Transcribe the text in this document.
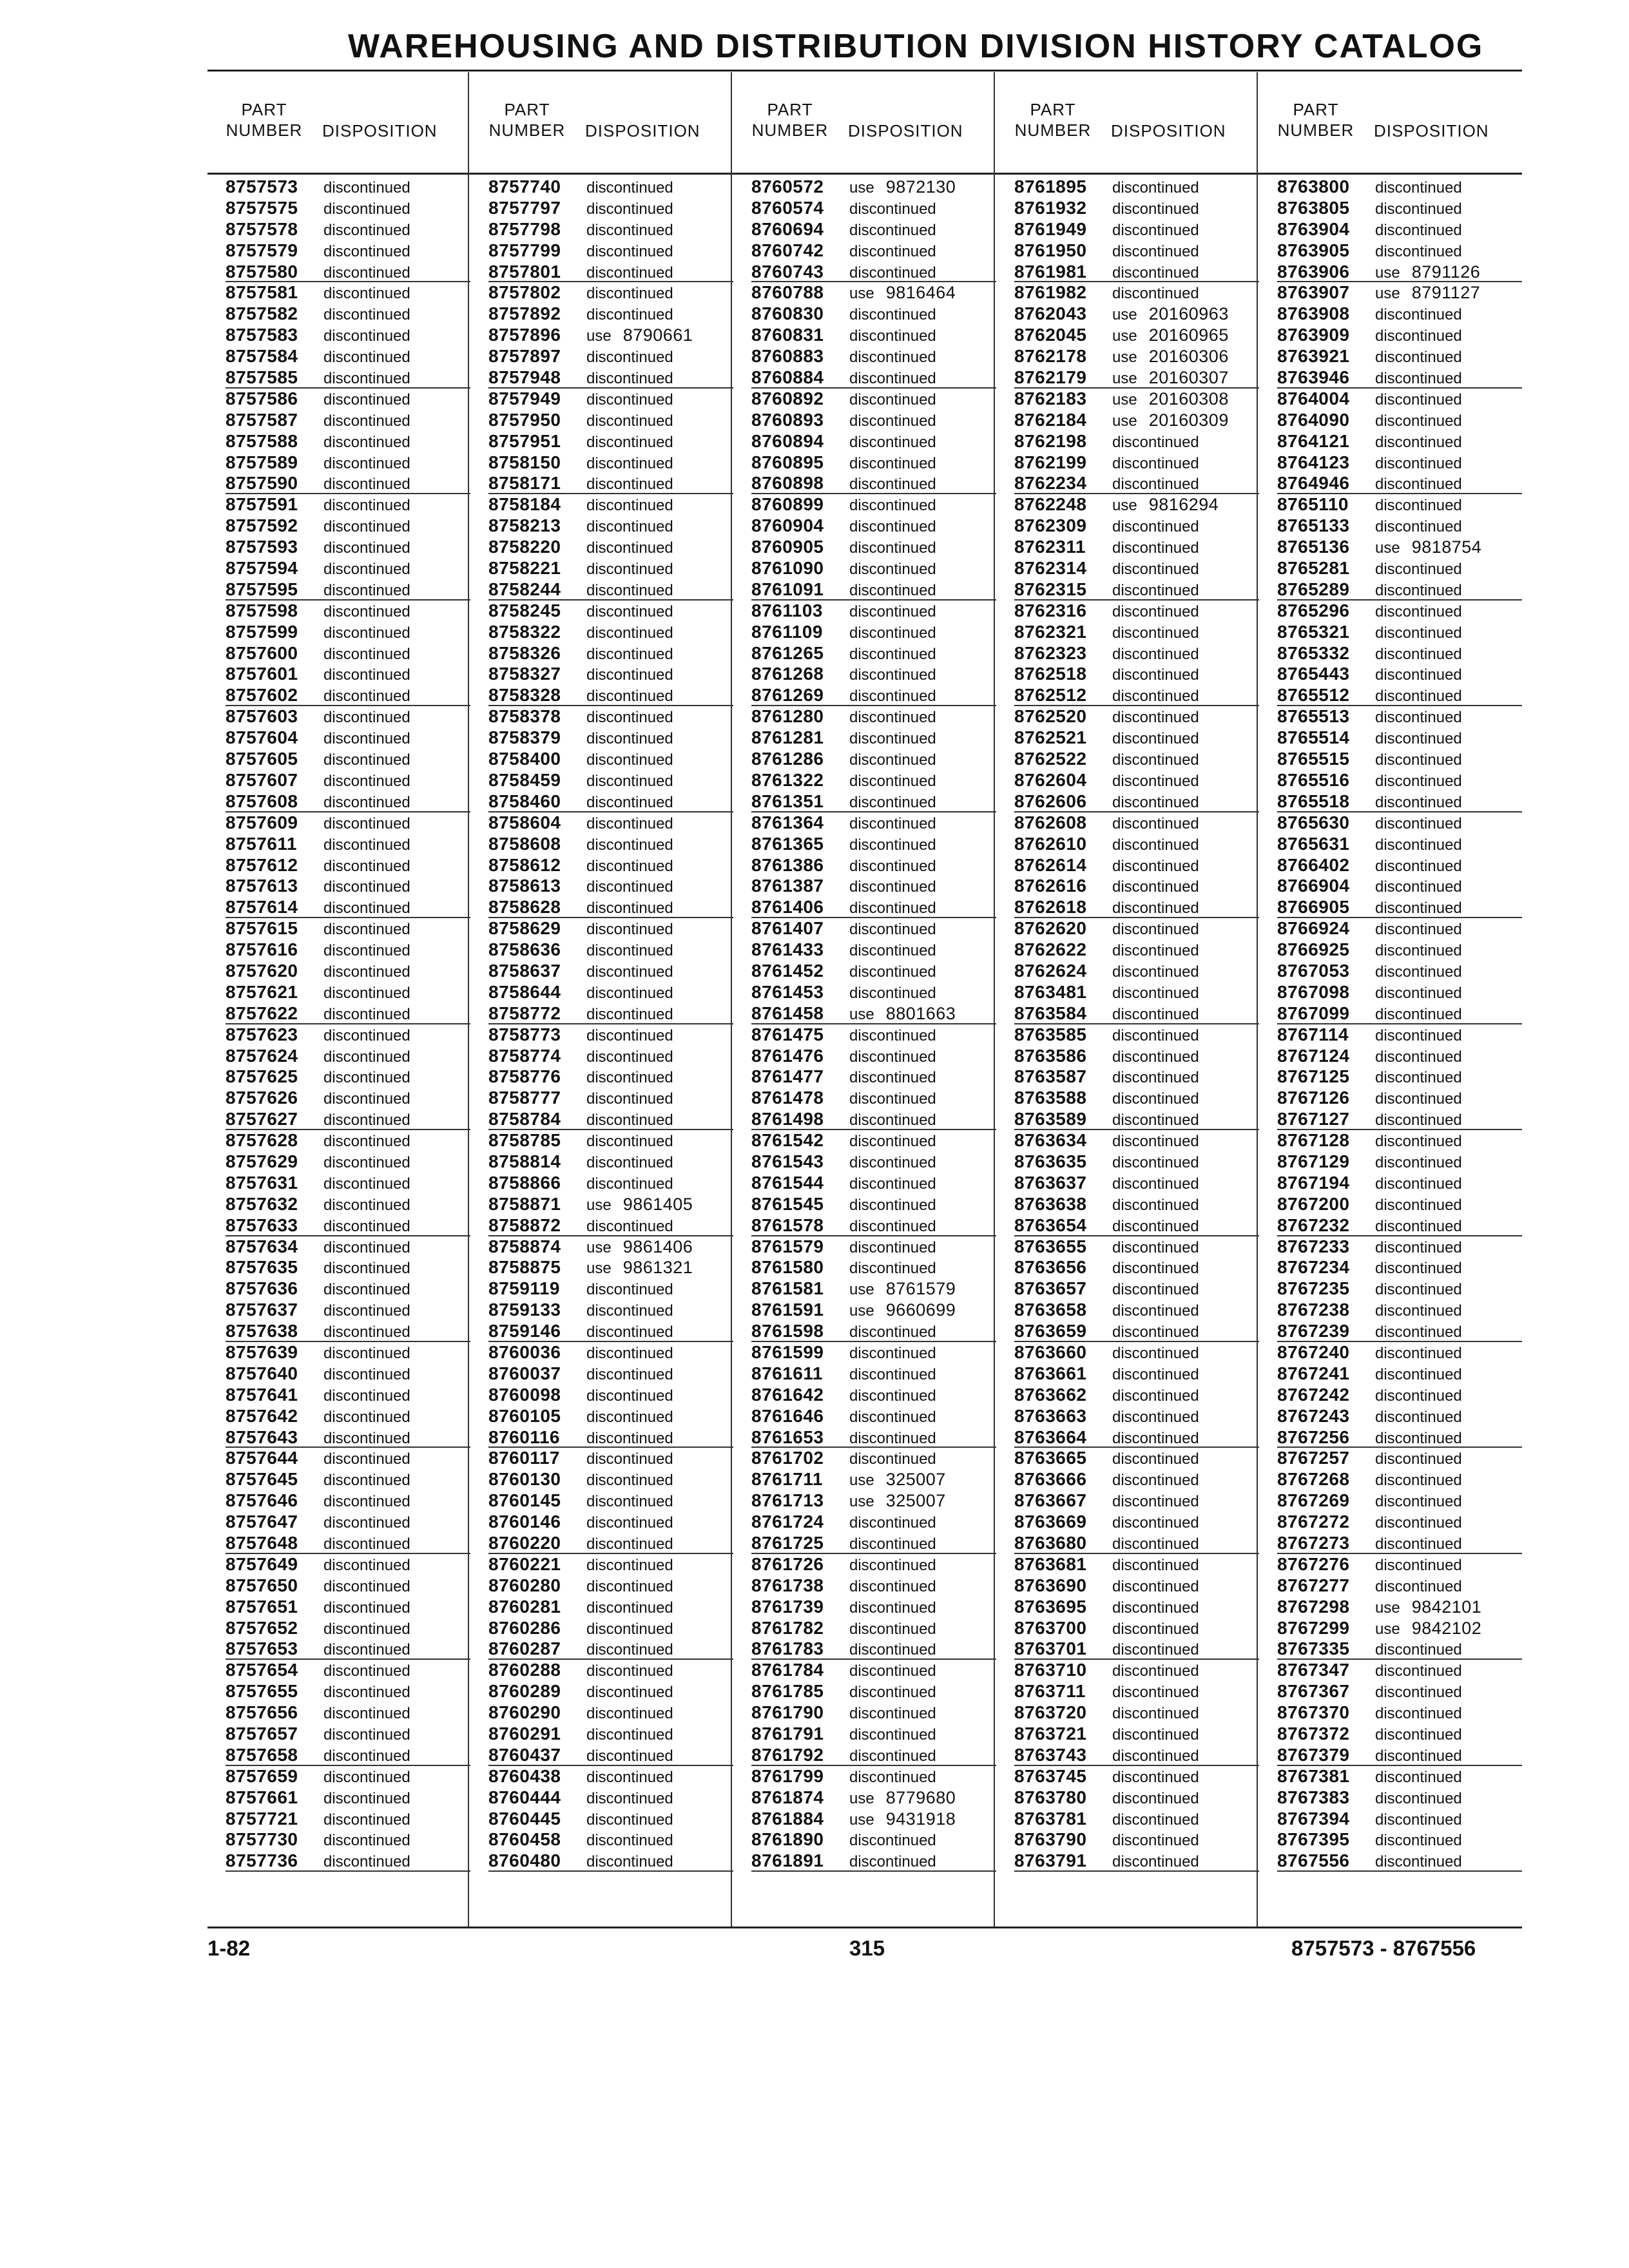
WAREHOUSING AND DISTRIBUTION DIVISION HISTORY CATALOG
PART
NUMBER DISPOSITION
8757573 discontinued
8757575 discontinued
8757578 discontinued
8757579 discontinued
8757580 discontinued
8757581 discontinued
8757582 discontinued
8757583 discontinued
8757584 discontinued
8757585 discontinued
8757586 discontinued
8757587 discontinued
8757588 discontinued
8757589 discontinued
8757590 discontinued
8757591 discontinued
8757592 discontinued
8757593 discontinued
8757594 discontinued
8757595 discontinued
8757598 discontinued
8757599 discontinued
8757600 discontinued
8757601 discontinued
8757602 discontinued
8757603 discontinued
8757604 discontinued
8757605 discontinued
8757607 discontinued
8757608 discontinued
8757609 discontinued
8757611 discontinued
8757612 discontinued
8757613 discontinued
8757614 discontinued
8757615 discontinued
8757616 discontinued
8757620 discontinued
8757621 discontinued
8757622 discontinued
8757623 discontinued
8757624 discontinued
8757625 discontinued
8757626 discontinued
8757627 discontinued
8757628 discontinued
8757629 discontinued
8757631 discontinued
8757632 discontinued
8757633 discontinued
8757634 discontinued
8757635 discontinued
8757636 discontinued
8757637 discontinued
8757638 discontinued
8757639 discontinued
8757640 discontinued
8757641 discontinued
8757642 discontinued
8757643 discontinued
8757644 discontinued
8757645 discontinued
8757646 discontinued
8757647 discontinued
8757648 discontinued
8757649 discontinued
8757650 discontinued
8757651 discontinued
8757652 discontinued
8757653 discontinued
8757654 discontinued
8757655 discontinued
8757656 discontinued
8757657 discontinued
8757658 discontinued
8757659 discontinued
8757661 discontinued
8757721 discontinued
8757730 discontinued
8757736 discontinued
PART
NUMBER DISPOSITION
8757740 discontinued
8757797 discontinued
8757798 discontinued
8757799 discontinued
8757801 discontinued
8757802 discontinued
8757892 discontinued
8757896 use 8790661
8757897 discontinued
8757948 discontinued
8757949 discontinued
8757950 discontinued
8757951 discontinued
8758150 discontinued
8758171 discontinued
8758184 discontinued
8758213 discontinued
8758220 discontinued
8758221 discontinued
8758244 discontinued
8758245 discontinued
8758322 discontinued
8758326 discontinued
8758327 discontinued
8758328 discontinued
8758378 discontinued
8758379 discontinued
8758400 discontinued
8758459 discontinued
8758460 discontinued
8758604 discontinued
8758608 discontinued
8758612 discontinued
8758613 discontinued
8758628 discontinued
8758629 discontinued
8758636 discontinued
8758637 discontinued
8758644 discontinued
8758772 discontinued
8758773 discontinued
8758774 discontinued
8758776 discontinued
8758777 discontinued
8758784 discontinued
8758785 discontinued
8758814 discontinued
8758866 discontinued
8758871 use 9861405
8758872 discontinued
8758874 use 9861406
8758875 use 9861321
8759119 discontinued
8759133 discontinued
8759146 discontinued
8760036 discontinued
8760037 discontinued
8760098 discontinued
8760105 discontinued
8760116 discontinued
8760117 discontinued
8760130 discontinued
8760145 discontinued
8760146 discontinued
8760220 discontinued
8760221 discontinued
8760280 discontinued
8760281 discontinued
8760286 discontinued
8760287 discontinued
8760288 discontinued
8760289 discontinued
8760290 discontinued
8760291 discontinued
8760437 discontinued
8760438 discontinued
8760444 discontinued
8760445 discontinued
8760458 discontinued
8760480 discontinued
PART
NUMBER DISPOSITION
8760572 use 9872130
8760574 discontinued
8760694 discontinued
8760742 discontinued
8760743 discontinued
8760788 use 9816464
8760830 discontinued
8760831 discontinued
8760883 discontinued
8760884 discontinued
8760892 discontinued
8760893 discontinued
8760894 discontinued
8760895 discontinued
8760898 discontinued
8760899 discontinued
8760904 discontinued
8760905 discontinued
8761090 discontinued
8761091 discontinued
8761103 discontinued
8761109 discontinued
8761265 discontinued
8761268 discontinued
8761269 discontinued
8761280 discontinued
8761281 discontinued
8761286 discontinued
8761322 discontinued
8761351 discontinued
8761364 discontinued
8761365 discontinued
8761386 discontinued
8761387 discontinued
8761406 discontinued
8761407 discontinued
8761433 discontinued
8761452 discontinued
8761453 discontinued
8761458 use 8801663
8761475 discontinued
8761476 discontinued
8761477 discontinued
8761478 discontinued
8761498 discontinued
8761542 discontinued
8761543 discontinued
8761544 discontinued
8761545 discontinued
8761578 discontinued
8761579 discontinued
8761580 discontinued
8761581 use 8761579
8761591 use 9660699
8761598 discontinued
8761599 discontinued
8761611 discontinued
8761642 discontinued
8761646 discontinued
8761653 discontinued
8761702 discontinued
8761711 use 325007
8761713 use 325007
8761724 discontinued
8761725 discontinued
8761726 discontinued
8761738 discontinued
8761739 discontinued
8761782 discontinued
8761783 discontinued
8761784 discontinued
8761785 discontinued
8761790 discontinued
8761791 discontinued
8761792 discontinued
8761799 discontinued
8761874 use 8779680
8761884 use 9431918
8761890 discontinued
8761891 discontinued
PART
NUMBER DISPOSITION
8761895 discontinued
8761932 discontinued
8761949 discontinued
8761950 discontinued
8761981 discontinued
8761982 discontinued
8762043 use 20160963
8762045 use 20160965
8762178 use 20160306
8762179 use 20160307
8762183 use 20160308
8762184 use 20160309
8762198 discontinued
8762199 discontinued
8762234 discontinued
8762248 use 9816294
8762309 discontinued
8762311 discontinued
8762314 discontinued
8762315 discontinued
8762316 discontinued
8762321 discontinued
8762323 discontinued
8762518 discontinued
8762512 discontinued
8762520 discontinued
8762521 discontinued
8762522 discontinued
8762604 discontinued
8762606 discontinued
8762608 discontinued
8762610 discontinued
8762614 discontinued
8762616 discontinued
8762618 discontinued
8762620 discontinued
8762622 discontinued
8762624 discontinued
8763481 discontinued
8763584 discontinued
8763585 discontinued
8763586 discontinued
8763587 discontinued
8763588 discontinued
8763589 discontinued
8763634 discontinued
8763635 discontinued
8763637 discontinued
8763638 discontinued
8763654 discontinued
8763655 discontinued
8763656 discontinued
8763657 discontinued
8763658 discontinued
8763659 discontinued
8763660 discontinued
8763661 discontinued
8763662 discontinued
8763663 discontinued
8763664 discontinued
8763665 discontinued
8763666 discontinued
8763667 discontinued
8763669 discontinued
8763680 discontinued
8763681 discontinued
8763690 discontinued
8763695 discontinued
8763700 discontinued
8763701 discontinued
8763710 discontinued
8763711 discontinued
8763720 discontinued
8763721 discontinued
8763743 discontinued
8763745 discontinued
8763780 discontinued
8763781 discontinued
8763790 discontinued
8763791 discontinued
PART
NUMBER DISPOSITION
8763800 discontinued
8763805 discontinued
8763904 discontinued
8763905 discontinued
8763906 use 8791126
8763907 use 8791127
8763908 discontinued
8763909 discontinued
8763921 discontinued
8763946 discontinued
8764004 discontinued
8764090 discontinued
8764121 discontinued
8764123 discontinued
8764946 discontinued
8765110 discontinued
8765133 discontinued
8765136 use 9818754
8765281 discontinued
8765289 discontinued
8765296 discontinued
8765321 discontinued
8765332 discontinued
8765443 discontinued
8765512 discontinued
8765513 discontinued
8765514 discontinued
8765515 discontinued
8765516 discontinued
8765518 discontinued
8765630 discontinued
8765631 discontinued
8766402 discontinued
8766904 discontinued
8766905 discontinued
8766924 discontinued
8766925 discontinued
8767053 discontinued
8767098 discontinued
8767099 discontinued
8767114 discontinued
8767124 discontinued
8767125 discontinued
8767126 discontinued
8767127 discontinued
8767128 discontinued
8767129 discontinued
8767194 discontinued
8767200 discontinued
8767232 discontinued
8767233 discontinued
8767234 discontinued
8767235 discontinued
8767238 discontinued
8767239 discontinued
8767240 discontinued
8767241 discontinued
8767242 discontinued
8767243 discontinued
8767256 discontinued
8767257 discontinued
8767268 discontinued
8767269 discontinued
8767272 discontinued
8767273 discontinued
8767276 discontinued
8767277 discontinued
8767298 use 9842101
8767299 use 9842102
8767335 discontinued
8767347 discontinued
8767367 discontinued
8767370 discontinued
8767372 discontinued
8767379 discontinued
8767381 discontinued
8767383 discontinued
8767394 discontinued
8767395 discontinued
8767556 discontinued
1-82	315	8757573 - 8767556
